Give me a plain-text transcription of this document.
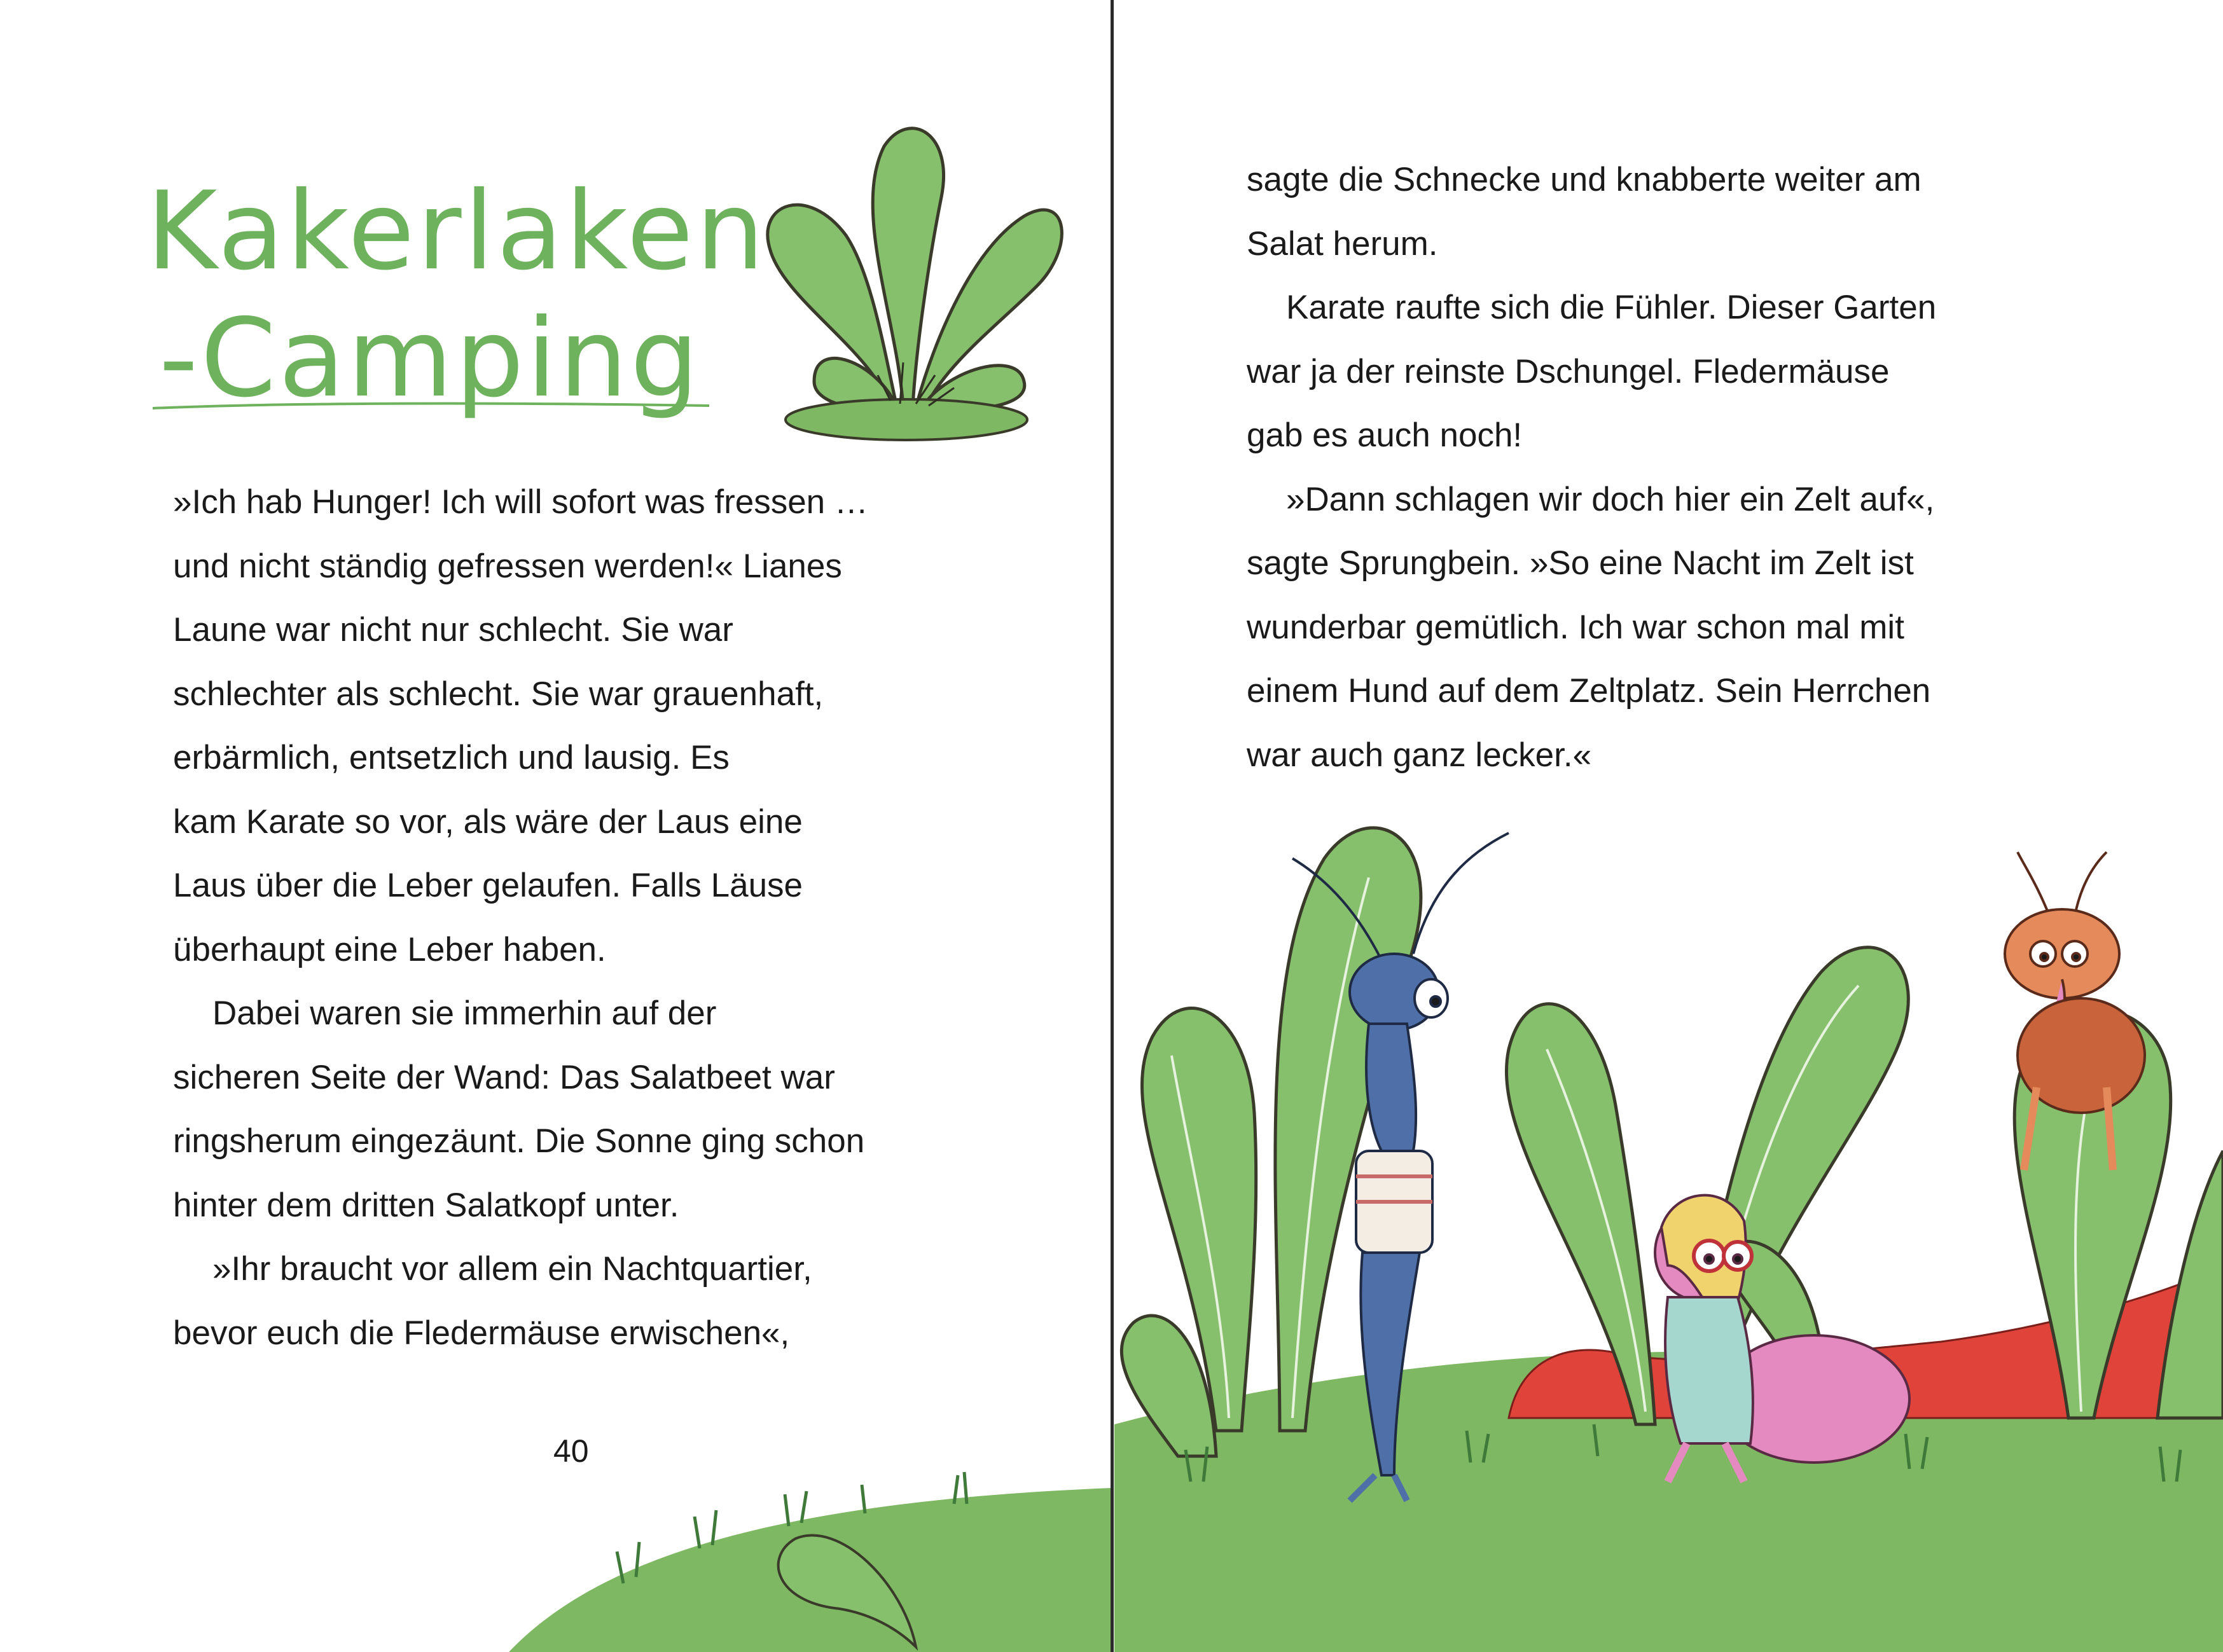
Kakerlaken
-Camping

»Ich hab Hunger! Ich will sofort was fressen …

und nicht ständig gefressen werden!« Lianes

Laune war nicht nur schlecht. Sie war

schlechter als schlecht. Sie war grauenhaft,

erbärmlich, entsetzlich und lausig. Es

kam Karate so vor, als wäre der Laus eine

Laus über die Leber gelaufen. Falls Läuse

überhaupt eine Leber haben.

Dabei waren sie immerhin auf der

sicheren Seite der Wand: Das Salatbeet war

ringsherum eingezäunt. Die Sonne ging schon

hinter dem dritten Salatkopf unter.

»Ihr braucht vor allem ein Nachtquartier,

bevor euch die Fledermäuse erwischen«,

40

sagte die Schnecke und knabberte weiter am

Salat herum.

Karate raufte sich die Fühler. Dieser Garten

war ja der reinste Dschungel. Fledermäuse

gab es auch noch!

»Dann schlagen wir doch hier ein Zelt auf«,

sagte Sprungbein. »So eine Nacht im Zelt ist

wunderbar gemütlich. Ich war schon mal mit

einem Hund auf dem Zeltplatz. Sein Herrchen

war auch ganz lecker.«
